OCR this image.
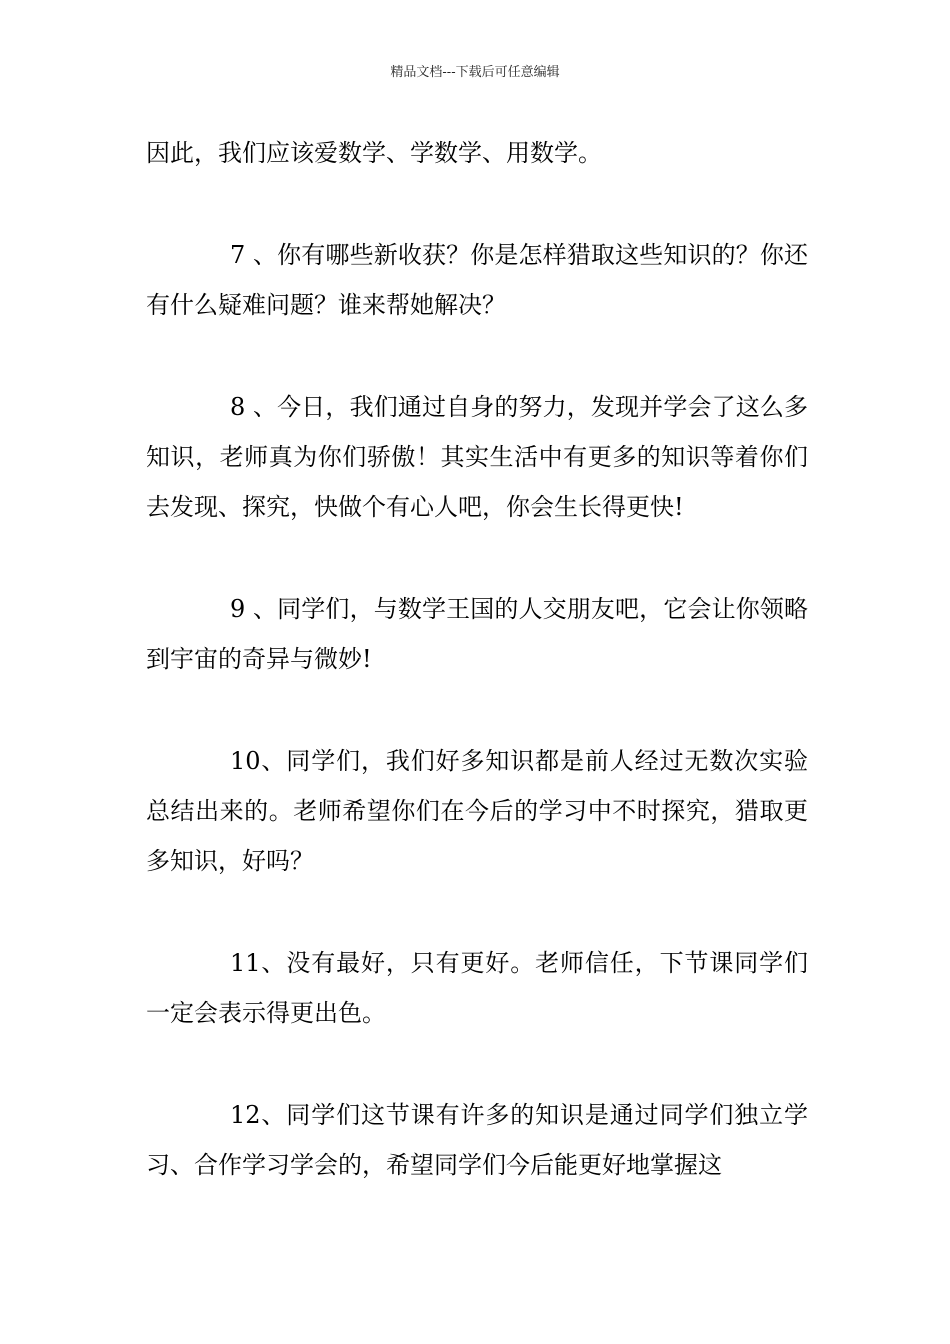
精品文档---下载后可任意编辑

因此，我们应该爱数学、学数学、用数学。

7 、你有哪些新收获？你是怎样猎取这些知识的？你还有什么疑难问题？谁来帮她解决？

8 、今日，我们通过自身的努力，发现并学会了这么多知识，老师真为你们骄傲！其实生活中有更多的知识等着你们去发现、探究，快做个有心人吧，你会生长得更快!

9 、同学们，与数学王国的人交朋友吧，它会让你领略到宇宙的奇异与微妙!

10、同学们，我们好多知识都是前人经过无数次实验总结出来的。老师希望你们在今后的学习中不时探究，猎取更多知识，好吗？

11、没有最好，只有更好。老师信任，下节课同学们一定会表示得更出色。

12、同学们这节课有许多的知识是通过同学们独立学习、合作学习学会的，希望同学们今后能更好地掌握这
